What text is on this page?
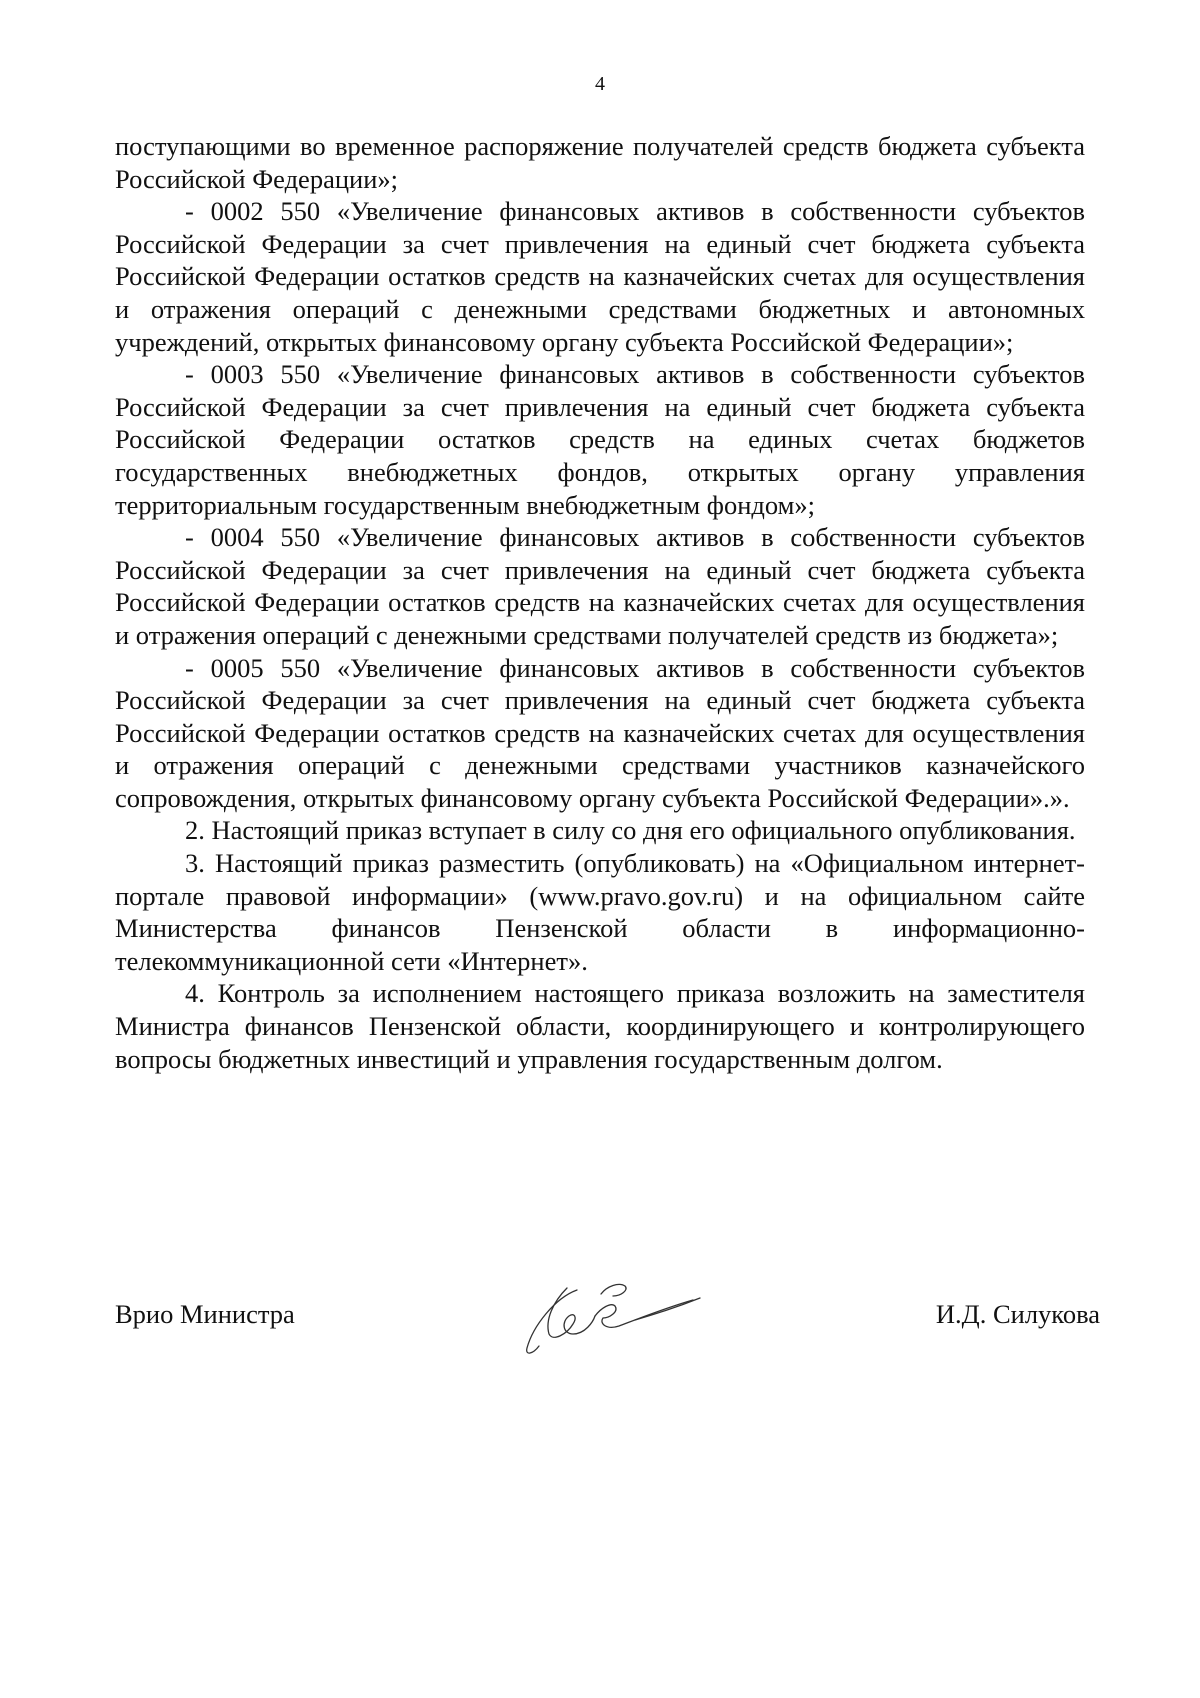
4

поступающими во временное распоряжение получателей средств бюджета субъекта Российской Федерации»;

- 0002 550 «Увеличение финансовых активов в собственности субъектов Российской Федерации за счет привлечения на единый счет бюджета субъекта Российской Федерации остатков средств на казначейских счетах для осуществления и отражения операций с денежными средствами бюджетных и автономных учреждений, открытых финансовому органу субъекта Российской Федерации»;

- 0003 550 «Увеличение финансовых активов в собственности субъектов Российской Федерации за счет привлечения на единый счет бюджета субъекта Российской Федерации остатков средств на единых счетах бюджетов государственных внебюджетных фондов, открытых органу управления территориальным государственным внебюджетным фондом»;

- 0004 550 «Увеличение финансовых активов в собственности субъектов Российской Федерации за счет привлечения на единый счет бюджета субъекта Российской Федерации остатков средств на казначейских счетах для осуществления и отражения операций с денежными средствами получателей средств из бюджета»;

- 0005 550 «Увеличение финансовых активов в собственности субъектов Российской Федерации за счет привлечения на единый счет бюджета субъекта Российской Федерации остатков средств на казначейских счетах для осуществления и отражения операций с денежными средствами участников казначейского сопровождения, открытых финансовому органу субъекта Российской Федерации».».

2. Настоящий приказ вступает в силу со дня его официального опубликования.

3. Настоящий приказ разместить (опубликовать) на «Официальном интернет-портале правовой информации» (www.pravo.gov.ru) и на официальном сайте Министерства финансов Пензенской области в информационно-телекоммуникационной сети «Интернет».

4. Контроль за исполнением настоящего приказа возложить на заместителя Министра финансов Пензенской области, координирующего и контролирующего вопросы бюджетных инвестиций и управления государственным долгом.

Врио Министра	И.Д. Силукова
